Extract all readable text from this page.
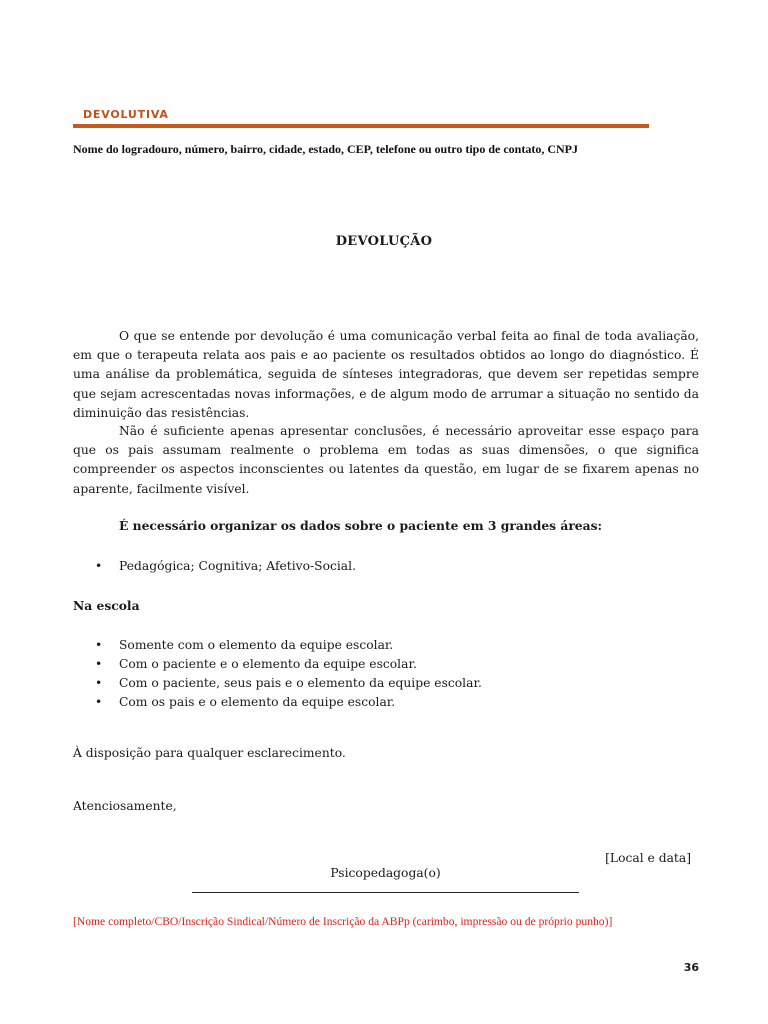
DEVOLUTIVA
Nome do logradouro, número, bairro, cidade, estado, CEP, telefone ou outro tipo de contato, CNPJ
DEVOLUÇÃO
O que se entende por devolução é uma comunicação verbal feita ao final de toda avaliação, em que o terapeuta relata aos pais e ao paciente os resultados obtidos ao longo do diagnóstico. É uma análise da problemática, seguida de sínteses integradoras, que devem ser repetidas sempre que sejam acrescentadas novas informações, e de algum modo de arrumar a situação no sentido da diminuição das resistências.
Não é suficiente apenas apresentar conclusões, é necessário aproveitar esse espaço para que os pais assumam realmente o problema em todas as suas dimensões, o que significa compreender os aspectos inconscientes ou latentes da questão, em lugar de se fixarem apenas no aparente, facilmente visível.
É necessário organizar os dados sobre o paciente em 3 grandes áreas:
• Pedagógica; Cognitiva; Afetivo-Social.
Na escola
• Somente com o elemento da equipe escolar.
• Com o paciente e o elemento da equipe escolar.
• Com o paciente, seus pais e o elemento da equipe escolar.
• Com os pais e o elemento da equipe escolar.
À disposição para qualquer esclarecimento.
Atenciosamente,
[Local e data]
Psicopedagoga(o)
[Nome completo/CBO/Inscrição Sindical/Número de Inscrição da ABPp (carimbo, impressão ou de próprio punho)]
36
